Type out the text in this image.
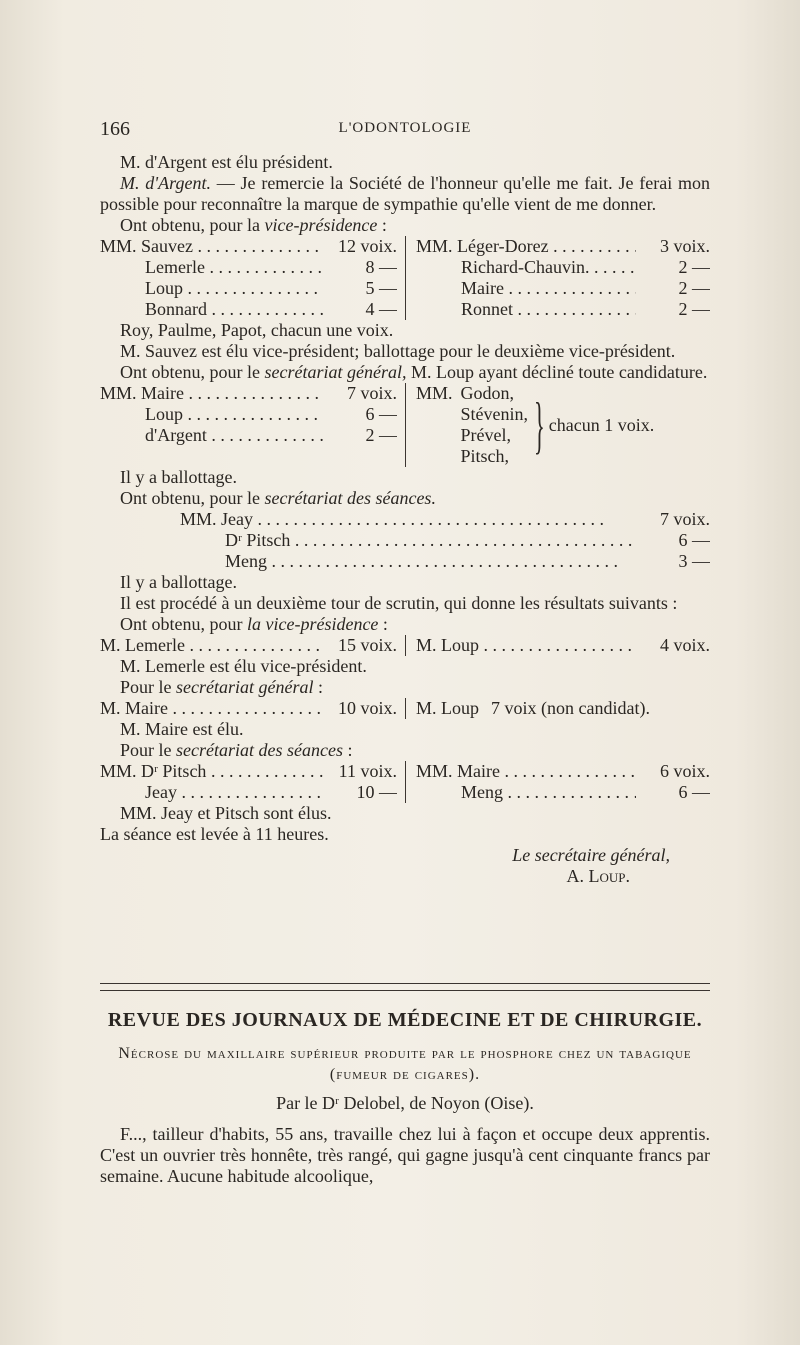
166	L'ODONTOLOGIE

M. d'Argent est élu président.

M. d'Argent. — Je remercie la Société de l'honneur qu'elle me fait. Je ferai mon possible pour reconnaître la marque de sympathie qu'elle vient de me donner.

Ont obtenu, pour la vice-présidence :

MM. Sauvez . . .	12 voix.
Lemerle . . .	8 —
Loup . . .	5 —
Bonnard . . .	4 —
MM. Léger-Dorez . . .	3 voix.
Richard-Chauvin. . . .	2 —
Maire . . .	2 —
Ronnet . . .	2 —

Roy, Paulme, Papot, chacun une voix.

M. Sauvez est élu vice-président; ballottage pour le deuxième vice-président.

Ont obtenu, pour le secrétariat général, M. Loup ayant décliné toute candidature.

MM. Maire . . .	7 voix.
Loup . . .	6 —
d'Argent . . .	2 —
MM. Godon,
Stévenin,
Prével,
Pitsch, } chacun 1 voix.

Il y a ballottage.

Ont obtenu, pour le secrétariat des séances.

MM. Jeay . . .	7 voix.
Dʳ Pitsch . . .	6 —
Meng . . .	3 —

Il y a ballottage.

Il est procédé à un deuxième tour de scrutin, qui donne les résultats suivants :

Ont obtenu, pour la vice-présidence :

M. Lemerle . . .	15 voix. M. Loup . . .	4 voix.

M. Lemerle est élu vice-président.

Pour le secrétariat général :

M. Maire . . .	10 voix. M. Loup 7 voix (non candidat).

M. Maire est élu.

Pour le secrétariat des séances :

MM. Dʳ Pitsch . . .	11 voix.
Jeay . . .	10 —
MM. Maire . . .	6 voix.
Meng . . .	6 —

MM. Jeay et Pitsch sont élus.

La séance est levée à 11 heures.

Le secrétaire général,
A. Loup.
REVUE DES JOURNAUX DE MÉDECINE ET DE CHIRURGIE.
Nécrose du maxillaire supérieur produite par le phosphore chez un tabagique (fumeur de cigares).
Par le Dʳ Delobel, de Noyon (Oise).

F..., tailleur d'habits, 55 ans, travaille chez lui à façon et occupe deux apprentis. C'est un ouvrier très honnête, très rangé, qui gagne jusqu'à cent cinquante francs par semaine. Aucune habitude alcoolique,
